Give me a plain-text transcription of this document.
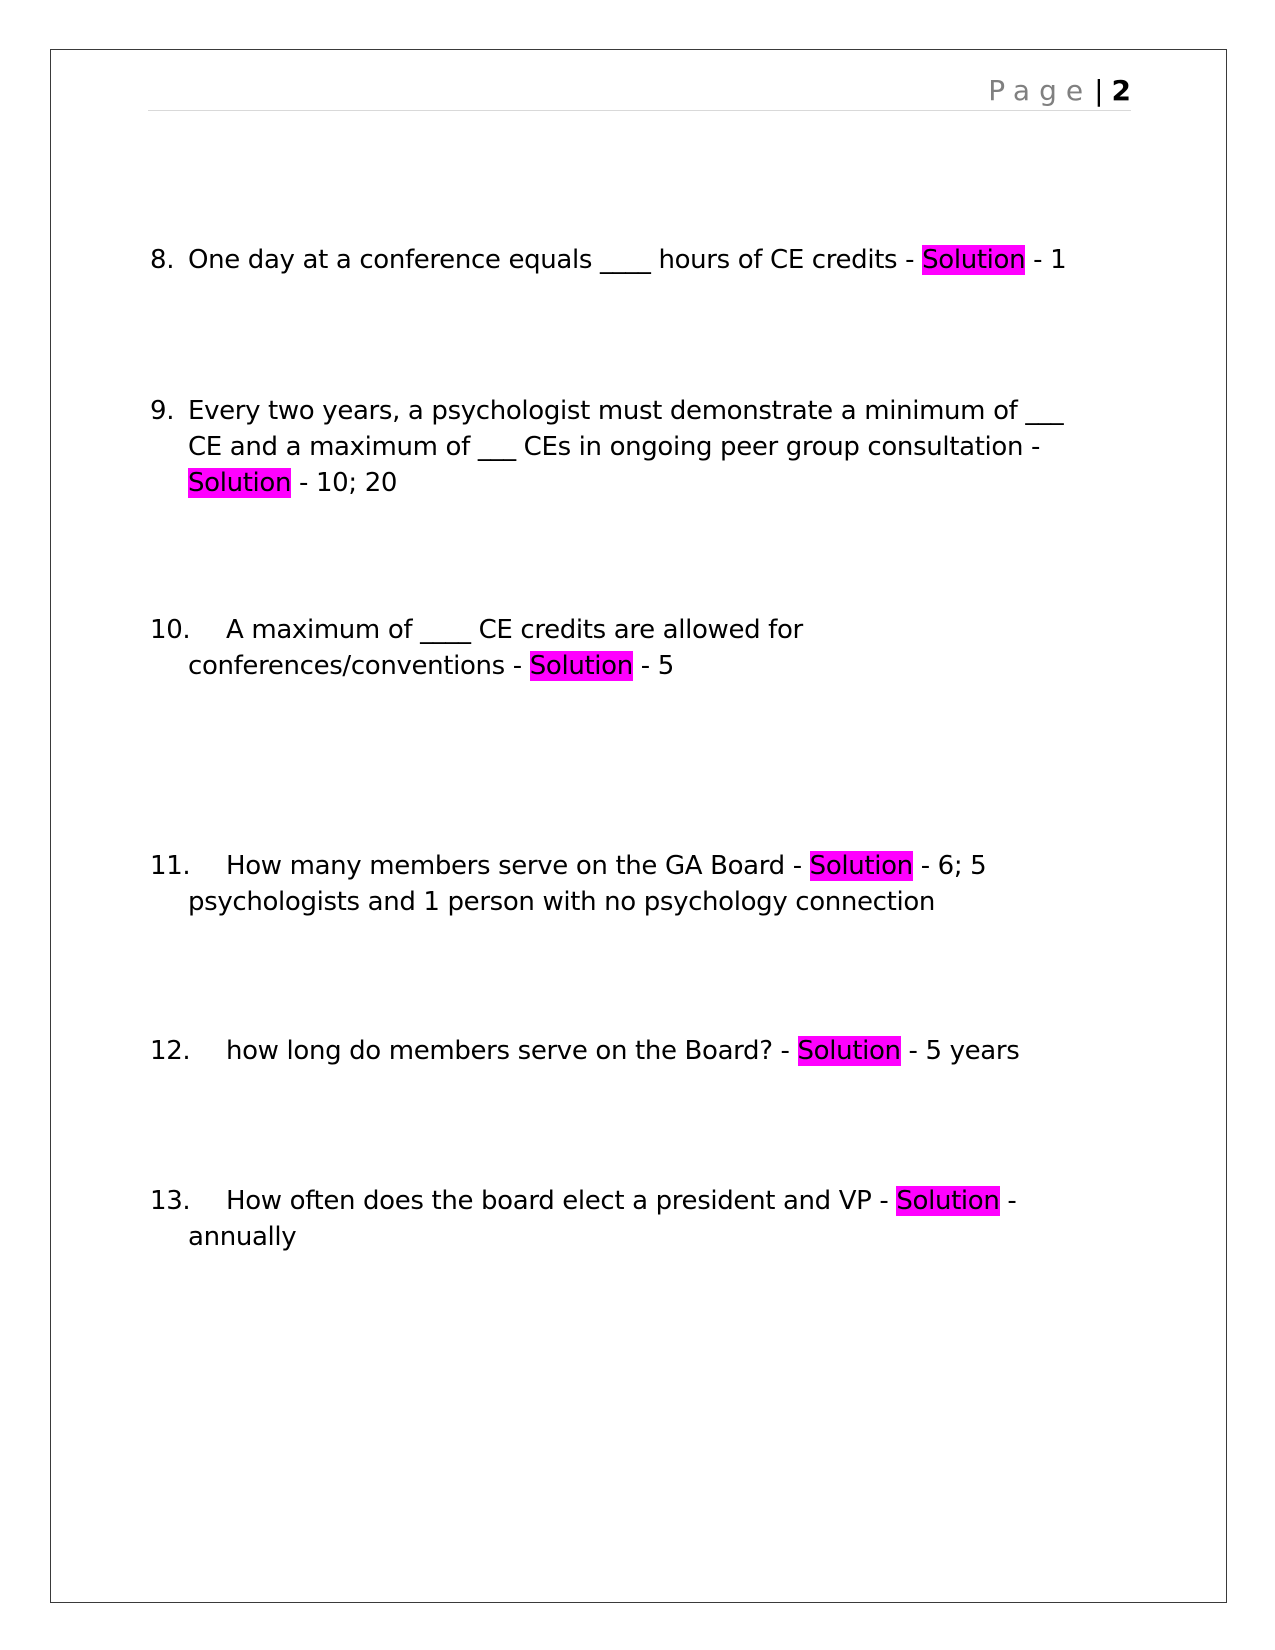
Page| 2
8. One day at a conference equals ____ hours of CE credits - Solution - 1
9. Every two years, a psychologist must demonstrate a minimum of ___
CE and a maximum of ___ CEs in ongoing peer group consultation -
Solution - 10; 20
10.	A maximum of ____ CE credits are allowed for
conferences/conventions - Solution - 5
11.	How many members serve on the GA Board - Solution - 6; 5
psychologists and 1 person with no psychology connection
12.	how long do members serve on the Board? - Solution - 5 years
13.	How often does the board elect a president and VP - Solution -
annually
